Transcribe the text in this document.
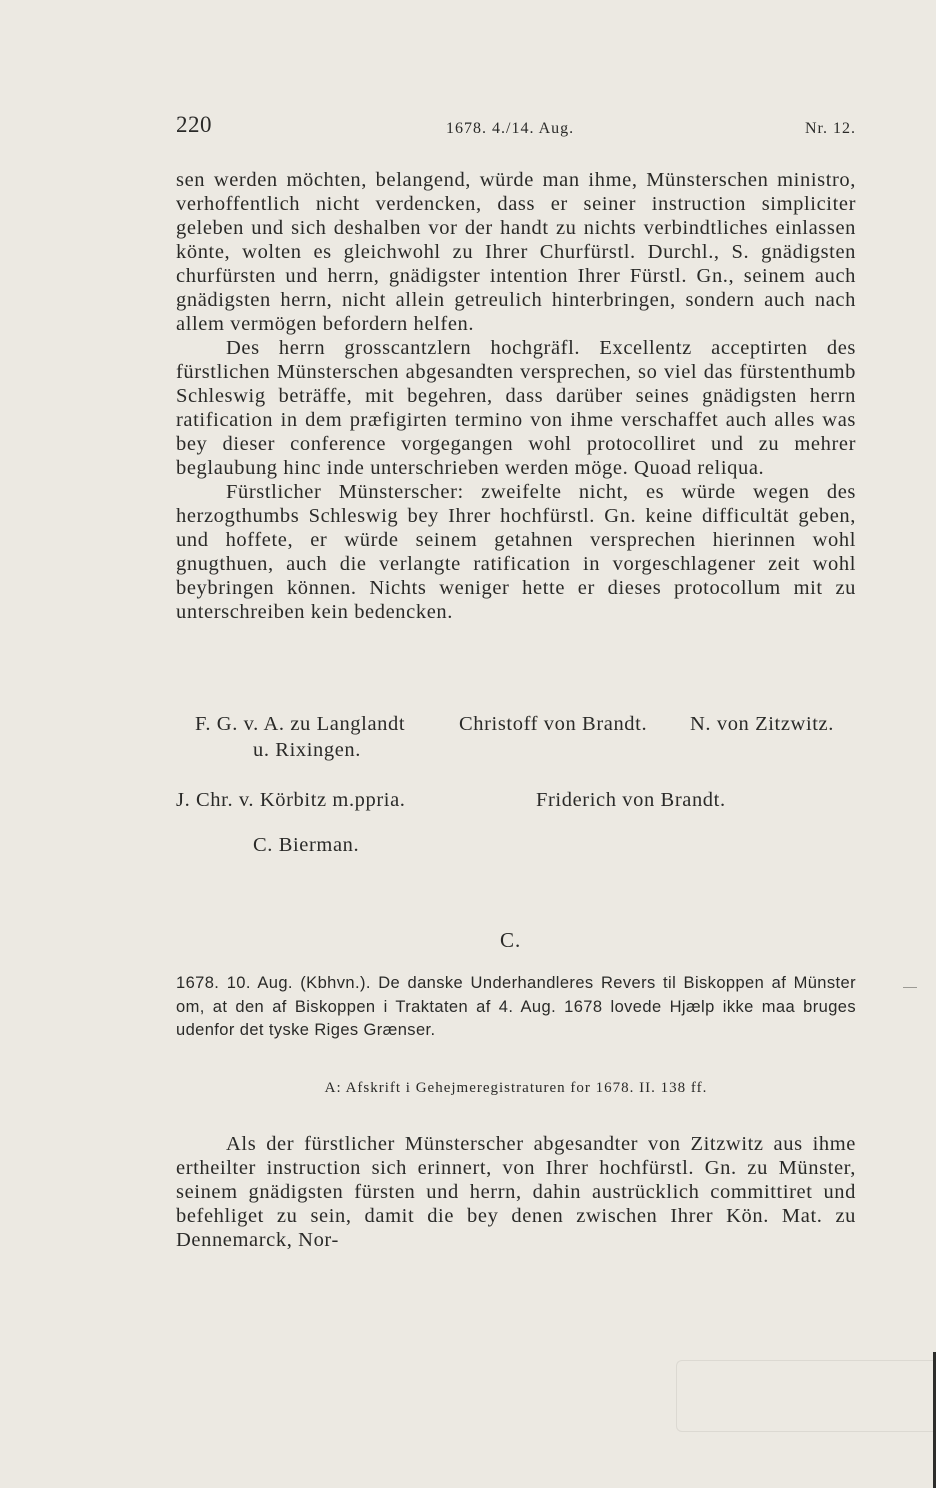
220	1678. 4./14. Aug.	Nr. 12.

sen werden möchten, belangend, würde man ihme, Münsterschen ministro, verhoffentlich nicht verdencken, dass er seiner instruction simpliciter geleben und sich deshalben vor der handt zu nichts verbindtliches einlassen könte, wolten es gleichwohl zu Ihrer Churfürstl. Durchl., S. gnädigsten churfürsten und herrn, gnädigster intention Ihrer Fürstl. Gn., seinem auch gnädigsten herrn, nicht allein getreulich hinterbringen, sondern auch nach allem vermögen befordern helfen.

Des herrn grosscantzlern hochgräfl. Excellentz acceptirten des fürstlichen Münsterschen abgesandten versprechen, so viel das fürstenthumb Schleswig beträffe, mit begehren, dass darüber seines gnädigsten herrn ratification in dem præfigirten termino von ihme verschaffet auch alles was bey dieser conference vorgegangen wohl protocolliret und zu mehrer beglaubung hinc inde unterschrieben werden möge. Quoad reliqua.

Fürstlicher Münsterscher: zweifelte nicht, es würde wegen des herzogthumbs Schleswig bey Ihrer hochfürstl. Gn. keine difficultät geben, und hoffete, er würde seinem getahnen versprechen hierinnen wohl gnugthuen, auch die verlangte ratification in vorgeschlagener zeit wohl beybringen können. Nichts weniger hette er dieses protocollum mit zu unterschreiben kein bedencken.

F. G. v. A. zu Langlandt
u. Rixingen.
Christoff von Brandt. N. von Zitzwitz.
J. Chr. v. Körbitz m.ppria.	Friderich von Brandt.
C. Bierman.
C.
1678. 10. Aug. (Kbhvn.). De danske Underhandleres Revers til Biskoppen af Münster om, at den af Biskoppen i Traktaten af 4. Aug. 1678 lovede Hjælp ikke maa bruges udenfor det tyske Riges Grænser.
A: Afskrift i Gehejmeregistraturen for 1678. II. 138 ff.

Als der fürstlicher Münsterscher abgesandter von Zitzwitz aus ihme ertheilter instruction sich erinnert, von Ihrer hochfürstl. Gn. zu Münster, seinem gnädigsten fürsten und herrn, dahin austrücklich committiret und befehliget zu sein, damit die bey denen zwischen Ihrer Kön. Mat. zu Dennemarck, Nor-
